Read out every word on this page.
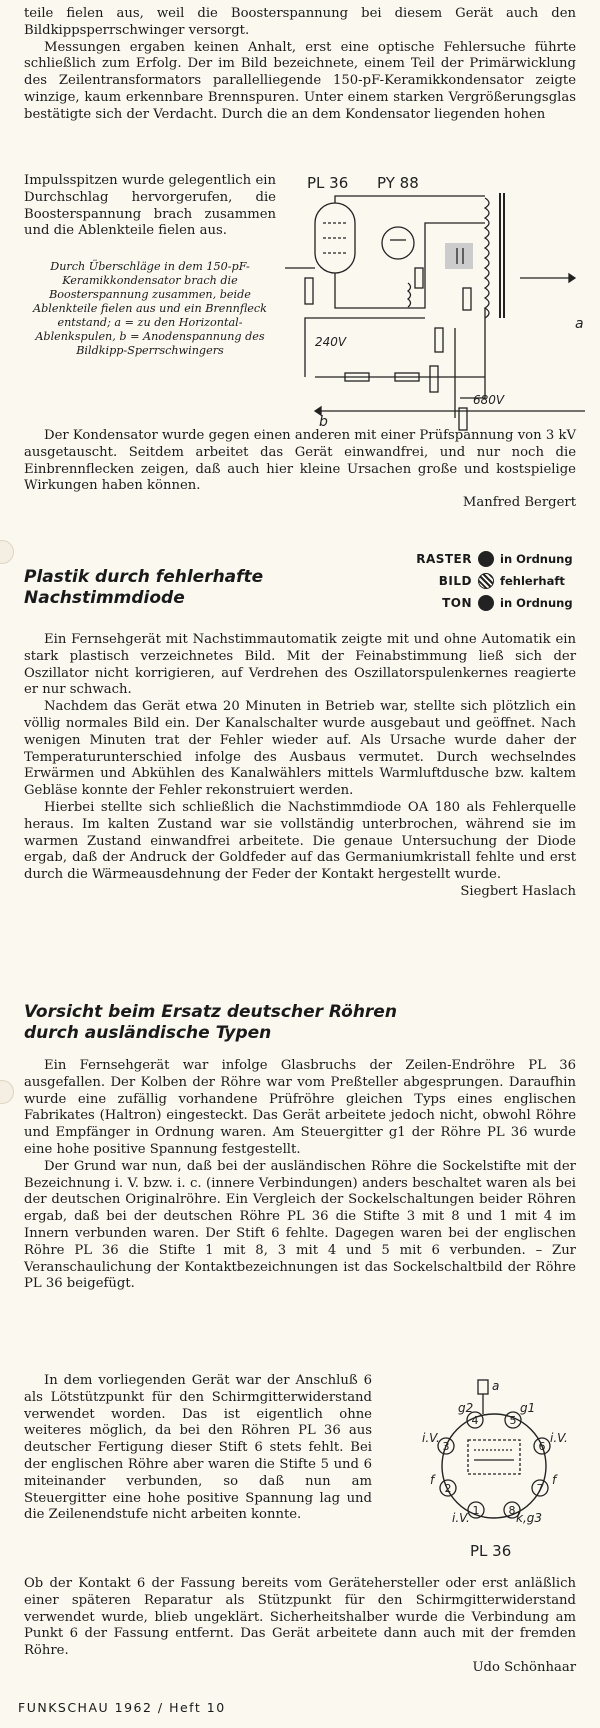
teile fielen aus, weil die Boosterspannung bei diesem Gerät auch den Bildkippsperrschwinger versorgt.

Messungen ergaben keinen Anhalt, erst eine optische Fehlersuche führte schließlich zum Erfolg. Der im Bild bezeichnete, einem Teil der Primärwicklung des Zeilentransformators parallelliegende 150-pF-Keramikkondensator zeigte winzige, kaum erkennbare Brennspuren. Unter einem starken Vergrößerungsglas bestätigte sich der Verdacht. Durch die an dem Kondensator liegenden hohen

Impulsspitzen wurde gelegentlich ein Durchschlag hervorgerufen, die Boosterspannung brach zusammen und die Ablenkteile fielen aus.

Durch Überschläge in dem 150-pF-Keramikkondensator brach die Boosterspannung zusammen, beide Ablenkteile fielen aus und ein Brennfleck entstand; a = zu den Horizontal-Ablenkspulen, b = Anodenspannung des Bildkipp-Sperrschwingers

PL 36 PY 88
240V
680V
a
b

Der Kondensator wurde gegen einen anderen mit einer Prüfspannung von 3 kV ausgetauscht. Seitdem arbeitet das Gerät einwandfrei, und nur noch die Einbrennflecken zeigen, daß auch hier kleine Ursachen große und kostspielige Wirkungen haben können.

Manfred Bergert

Plastik durch fehlerhafte

Nachstimmdiode

RASTER in Ordnung
BILD fehlerhaft
TON in Ordnung

Ein Fernsehgerät mit Nachstimmautomatik zeigte mit und ohne Automatik ein stark plastisch verzeichnetes Bild. Mit der Feinabstimmung ließ sich der Oszillator nicht korrigieren, auf Verdrehen des Oszillatorspulenkernes reagierte er nur schwach.

Nachdem das Gerät etwa 20 Minuten in Betrieb war, stellte sich plötzlich ein völlig normales Bild ein. Der Kanalschalter wurde ausgebaut und geöffnet. Nach wenigen Minuten trat der Fehler wieder auf. Als Ursache wurde daher der Temperaturunterschied infolge des Ausbaus vermutet. Durch wechselndes Erwärmen und Abkühlen des Kanalwählers mittels Warmluftdusche bzw. kaltem Gebläse konnte der Fehler rekonstruiert werden.

Hierbei stellte sich schließlich die Nachstimmdiode OA 180 als Fehlerquelle heraus. Im kalten Zustand war sie vollständig unterbrochen, während sie im warmen Zustand einwandfrei arbeitete. Die genaue Untersuchung der Diode ergab, daß der Andruck der Goldfeder auf das Germaniumkristall fehlte und erst durch die Wärmeausdehnung der Feder der Kontakt hergestellt wurde.

Siegbert Haslach

Vorsicht beim Ersatz deutscher Röhren

durch ausländische Typen

Ein Fernsehgerät war infolge Glasbruchs der Zeilen-Endröhre PL 36 ausgefallen. Der Kolben der Röhre war vom Preßteller abgesprungen. Daraufhin wurde eine zufällig vorhandene Prüfröhre gleichen Typs eines englischen Fabrikates (Haltron) eingesteckt. Das Gerät arbeitete jedoch nicht, obwohl Röhre und Empfänger in Ordnung waren. Am Steuergitter g1 der Röhre PL 36 wurde eine hohe positive Spannung festgestellt.

Der Grund war nun, daß bei der ausländischen Röhre die Sockelstifte mit der Bezeichnung i. V. bzw. i. c. (innere Verbindungen) anders beschaltet waren als bei der deutschen Originalröhre. Ein Vergleich der Sockelschaltungen beider Röhren ergab, daß bei der deutschen Röhre PL 36 die Stifte 3 mit 8 und 1 mit 4 im Innern verbunden waren. Der Stift 6 fehlte. Dagegen waren bei der englischen Röhre PL 36 die Stifte 1 mit 8, 3 mit 4 und 5 mit 6 verbunden. – Zur Veranschaulichung der Kontaktbezeichnungen ist das Sockelschaltbild der Röhre PL 36 beigefügt.

In dem vorliegenden Gerät war der Anschluß 6 als Lötstützpunkt für den Schirmgitterwiderstand verwendet worden. Das ist eigentlich ohne weiteres möglich, da bei den Röhren PL 36 aus deutscher Fertigung dieser Stift 6 stets fehlt. Bei der englischen Röhre aber waren die Stifte 5 und 6 miteinander verbunden, so daß nun am Steuergitter eine hohe positive Spannung lag und die Zeilenendstufe nicht arbeiten konnte.

a
g2	g1
i.V.	i.V.
f	f
i.V.	k,g3
4	5
3	6
2	7
1	8
PL 36

Ob der Kontakt 6 der Fassung bereits vom Gerätehersteller oder erst anläßlich einer späteren Reparatur als Stützpunkt für den Schirmgitterwiderstand verwendet wurde, blieb ungeklärt. Sicherheitshalber wurde die Verbindung am Punkt 6 der Fassung entfernt. Das Gerät arbeitete dann auch mit der fremden Röhre.

Udo Schönhaar

FUNKSCHAU 1962 / Heft 10
